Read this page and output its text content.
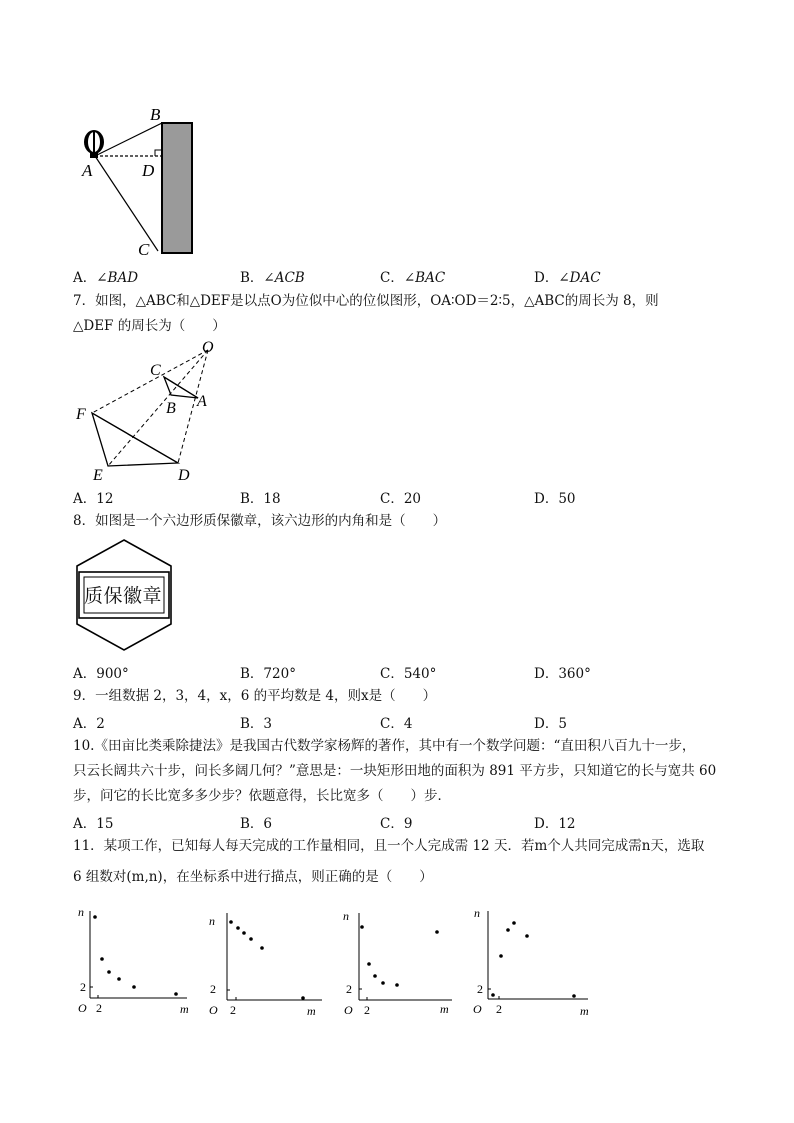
B
A	D
C
A．∠BAD	B．∠ACB	C．∠BAC	D．∠DAC
7．如图，△ABC和△DEF是以点O为位似中心的位似图形，OA∶OD＝2∶5，△ABC的周长为 8，则
△DEF 的周长为（　　）
O
C
B A
F
E	D
A．12	B．18	C．20	D．50
8．如图是一个六边形质保徽章，该六边形的内角和是（　　）
质保徽章
A．900°	B．720°	C．540°	D．360°
9．一组数据 2，3，4，x，6 的平均数是 4，则x是（　　）
A．2	B．3	C．4	D．5
10.《田亩比类乘除捷法》是我国古代数学家杨辉的著作，其中有一个数学问题：“直田积八百九十一步，
只云长阔共六十步，问长多阔几何？”意思是：一块矩形田地的面积为 891 平方步，只知道它的长与宽共 60
步，问它的长比宽多多少步？依题意得，长比宽多（　　）步．
A．15	B．6	C．9	D．12
11．某项工作，已知每人每天完成的工作量相同，且一个人完成需 12 天．若m个人共同完成需n天，选取
6 组数对(m,n)，在坐标系中进行描点，则正确的是（　　）
n
m
O 2
2
n
m
O 2
2
n
m
O 2
2
n
m
O 2
2
